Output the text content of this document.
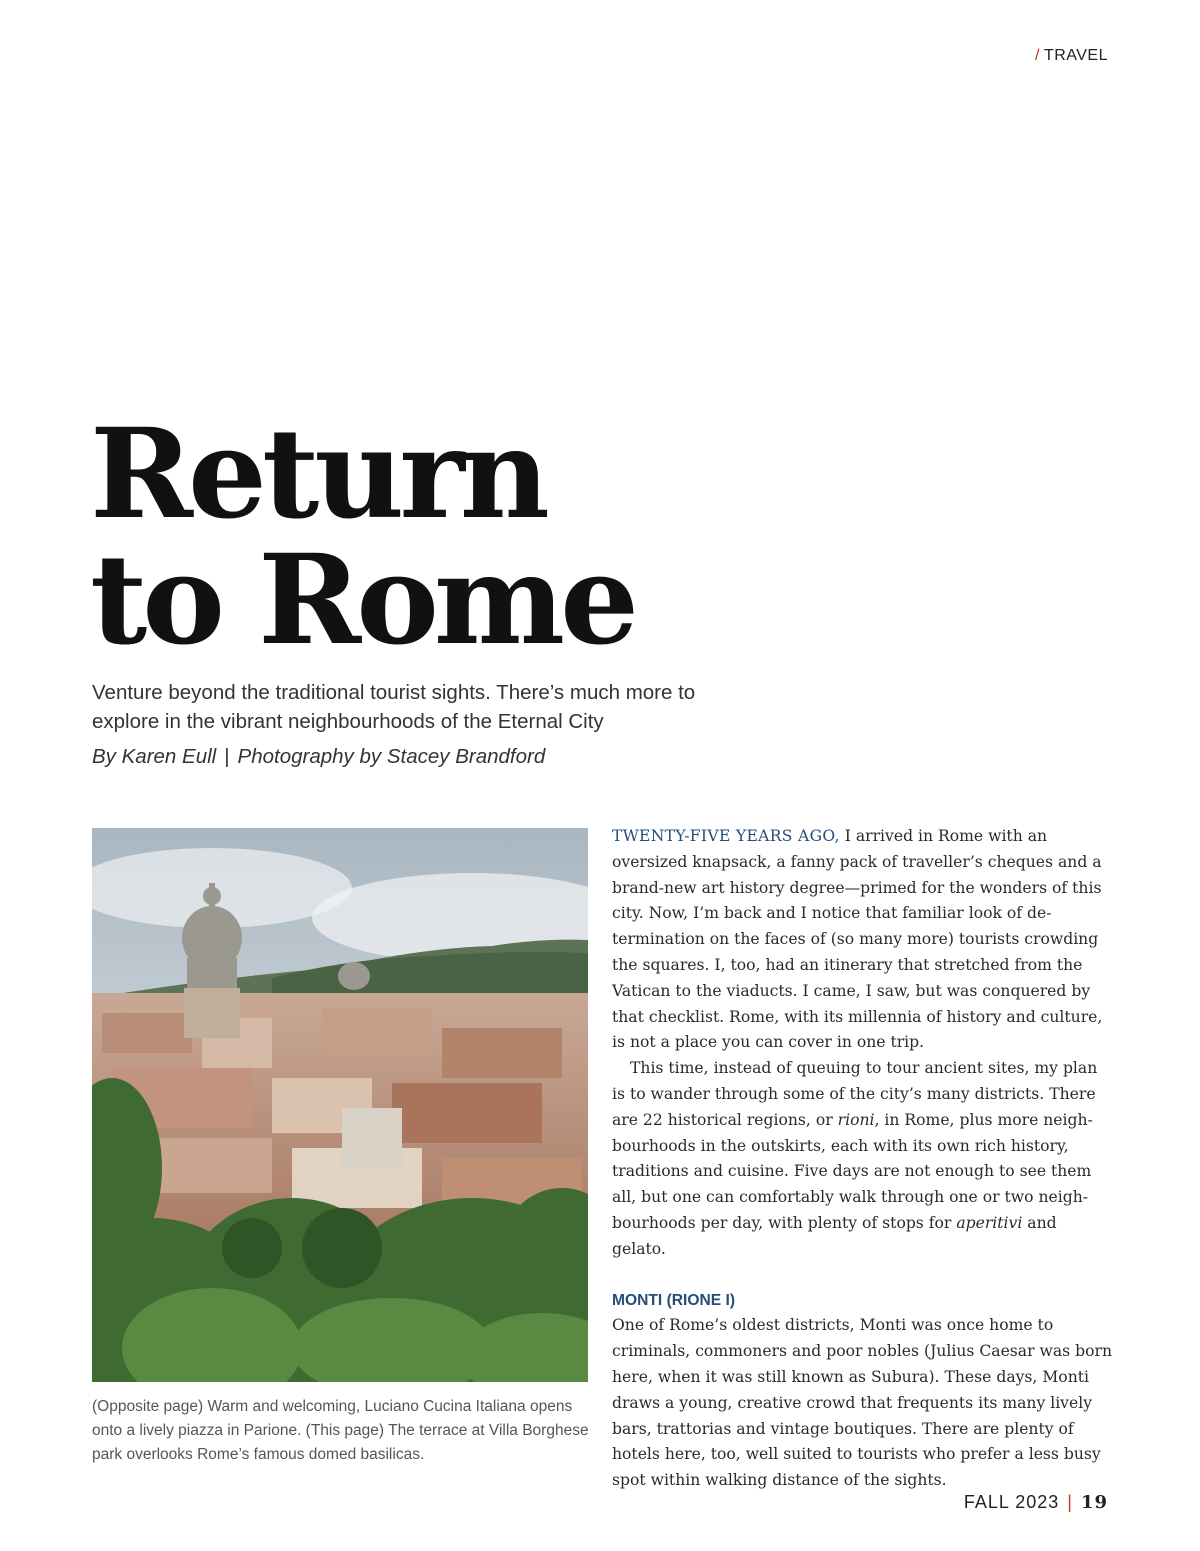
/ TRAVEL
Return
to Rome
Venture beyond the traditional tourist sights. There’s much more to explore in the vibrant neighbourhoods of the Eternal City
By Karen Eull | Photography by Stacey Brandford
(Opposite page) Warm and welcoming, Luciano Cucina Italiana opens onto a lively piazza in Parione. (This page) The terrace at Villa Borghese park overlooks Rome’s famous domed basilicas.

TWENTY-FIVE YEARS AGO, I arrived in Rome with an oversized knapsack, a fanny pack of traveller’s cheques and a brand-new art history degree—primed for the wonders of this city. Now, I’m back and I notice that familiar look of determination on the faces of (so many more) tourists crowding the squares. I, too, had an itinerary that stretched from the Vatican to the viaducts. I came, I saw, but was conquered by that checklist. Rome, with its millennia of history and culture, is not a place you can cover in one trip.

This time, instead of queuing to tour ancient sites, my plan is to wander through some of the city’s many districts. There are 22 historical regions, or rioni, in Rome, plus more neighbourhoods in the outskirts, each with its own rich history, traditions and cuisine. Five days are not enough to see them all, but one can comfortably walk through one or two neighbourhoods per day, with plenty of stops for aperitivi and gelato.

MONTI (RIONE I)

One of Rome’s oldest districts, Monti was once home to criminals, commoners and poor nobles (Julius Caesar was born here, when it was still known as Subura). These days, Monti draws a young, creative crowd that frequents its many lively bars, trattorias and vintage boutiques. There are plenty of hotels here, too, well suited to tourists who prefer a less busy spot within walking distance of the sights.

FALL 2023 | 19
